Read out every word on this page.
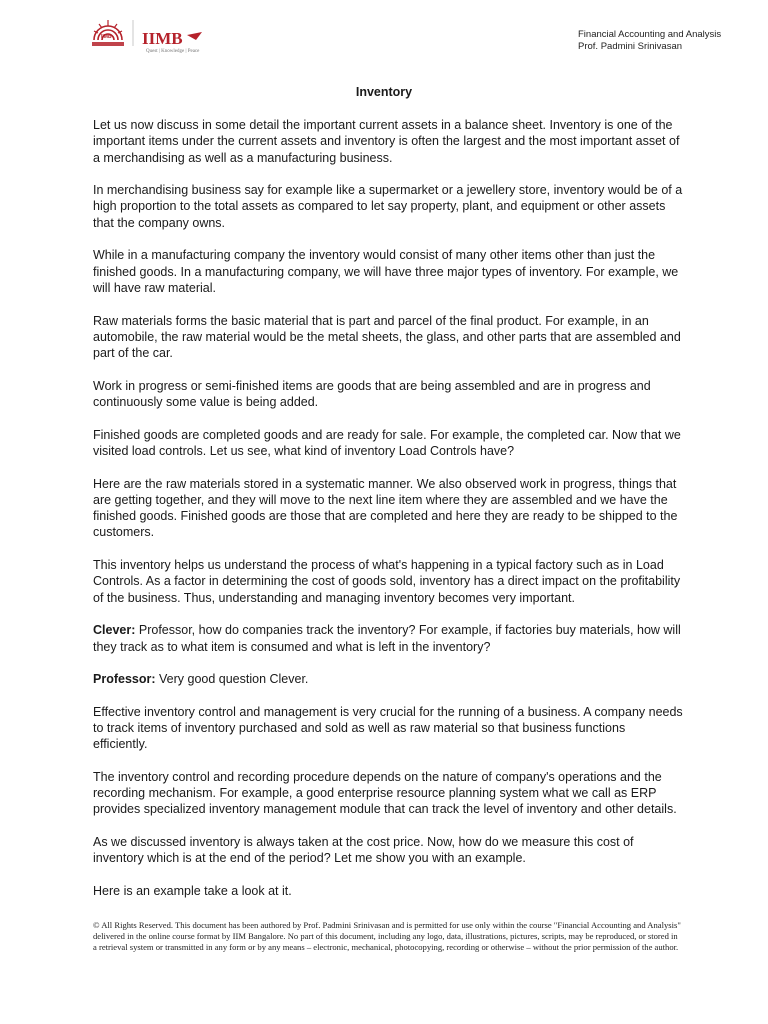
IIMB IIMB
Quest | Knowledge | Peace
Financial Accounting and Analysis
Prof. Padmini Srinivasan
Inventory

Let us now discuss in some detail the important current assets in a balance sheet. Inventory is one of the important items under the current assets and inventory is often the largest and the most important asset of a merchandising as well as a manufacturing business.

In merchandising business say for example like a supermarket or a jewellery store, inventory would be of a high proportion to the total assets as compared to let say property, plant, and equipment or other assets that the company owns.

While in a manufacturing company the inventory would consist of many other items other than just the finished goods. In a manufacturing company, we will have three major types of inventory. For example, we will have raw material.

Raw materials forms the basic material that is part and parcel of the final product. For example, in an automobile, the raw material would be the metal sheets, the glass, and other parts that are assembled and part of the car.

Work in progress or semi-finished items are goods that are being assembled and are in progress and continuously some value is being added.

Finished goods are completed goods and are ready for sale. For example, the completed car. Now that we visited load controls. Let us see, what kind of inventory Load Controls have?

Here are the raw materials stored in a systematic manner. We also observed work in progress, things that are getting together, and they will move to the next line item where they are assembled and we have the finished goods. Finished goods are those that are completed and here they are ready to be shipped to the customers.

This inventory helps us understand the process of what's happening in a typical factory such as in Load Controls. As a factor in determining the cost of goods sold, inventory has a direct impact on the profitability of the business. Thus, understanding and managing inventory becomes very important.

Clever: Professor, how do companies track the inventory? For example, if factories buy materials, how will they track as to what item is consumed and what is left in the inventory?

Professor: Very good question Clever.

Effective inventory control and management is very crucial for the running of a business. A company needs to track items of inventory purchased and sold as well as raw material so that business functions efficiently.

The inventory control and recording procedure depends on the nature of company's operations and the recording mechanism. For example, a good enterprise resource planning system what we call as ERP provides specialized inventory management module that can track the level of inventory and other details.

As we discussed inventory is always taken at the cost price. Now, how do we measure this cost of inventory which is at the end of the period? Let me show you with an example.

Here is an example take a look at it.

© All Rights Reserved. This document has been authored by Prof. Padmini Srinivasan and is permitted for use only within the course "Financial Accounting and Analysis" delivered in the online course format by IIM Bangalore. No part of this document, including any logo, data, illustrations, pictures, scripts, may be reproduced, or stored in a retrieval system or transmitted in any form or by any means – electronic, mechanical, photocopying, recording or otherwise – without the prior permission of the author.
